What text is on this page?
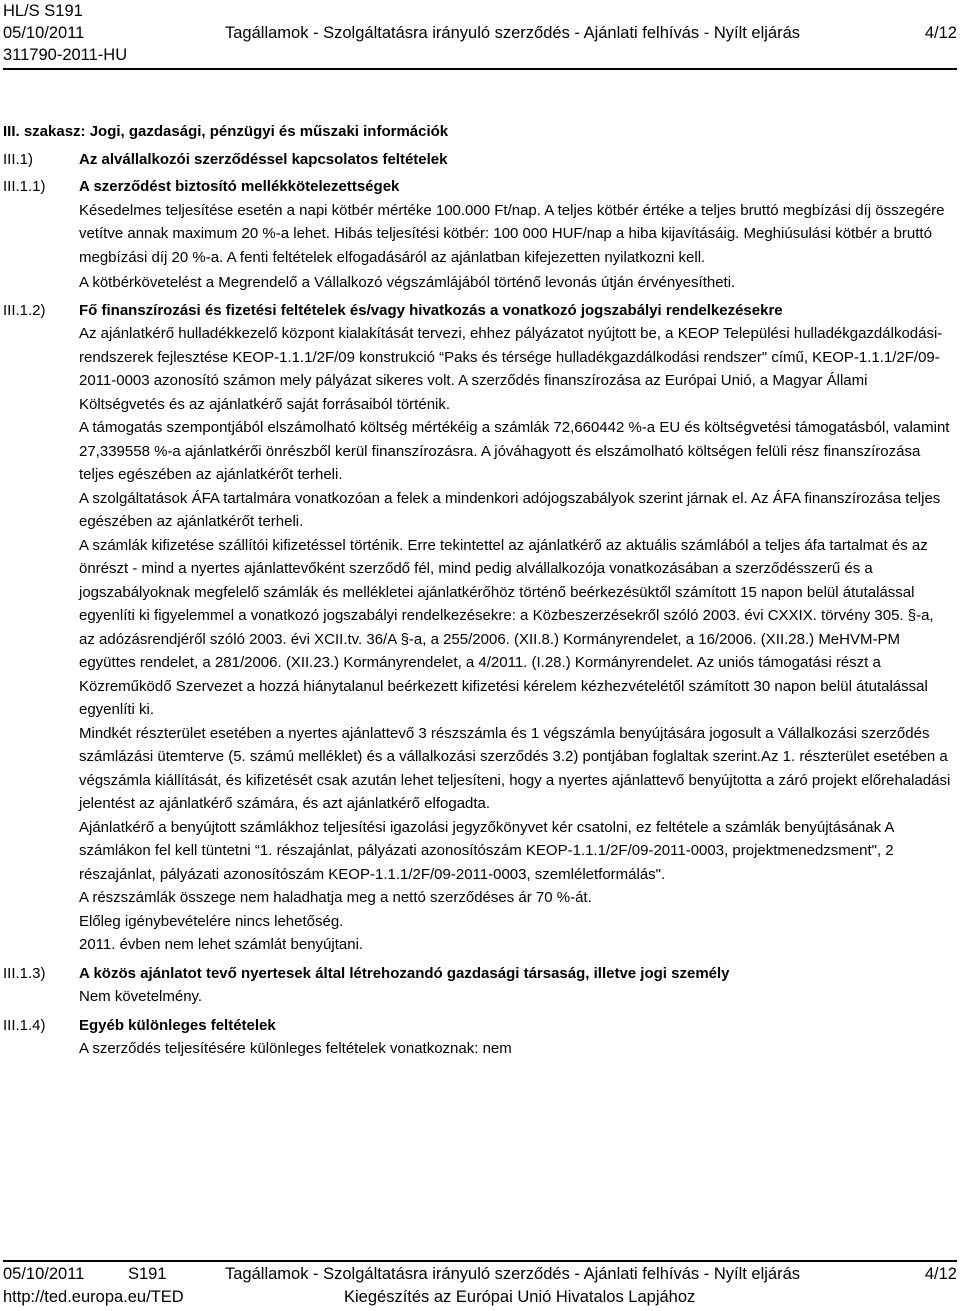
HL/S S191
05/10/2011	Tagállamok - Szolgáltatásra irányuló szerződés - Ajánlati felhívás - Nyílt eljárás	4/12
311790-2011-HU

III. szakasz: Jogi, gazdasági, pénzügyi és műszaki információk

III.1)	Az alvállalkozói szerződéssel kapcsolatos feltételek
III.1.1)	A szerződést biztosító mellékkötelezettségek

Késedelmes teljesítése esetén a napi kötbér mértéke 100.000 Ft/nap. A teljes kötbér értéke a teljes bruttó megbízási díj összegére vetítve annak maximum 20 %-a lehet. Hibás teljesítési kötbér: 100 000 HUF/nap a hiba kijavításáig. Meghiúsulási kötbér a bruttó megbízási díj 20 %-a. A fenti feltételek elfogadásáról az ajánlatban kifejezetten nyilatkozni kell.

A kötbérkövetelést a Megrendelő a Vállalkozó végszámlájából történő levonás útján érvényesítheti.

III.1.2)	Fő finanszírozási és fizetési feltételek és/vagy hivatkozás a vonatkozó jogszabályi rendelkezésekre

Az ajánlatkérő hulladékkezelő központ kialakítását tervezi, ehhez pályázatot nyújtott be, a KEOP Települési hulladékgazdálkodási-rendszerek fejlesztése KEOP-1.1.1/2F/09 konstrukció “Paks és térsége hulladékgazdálkodási rendszer" című, KEOP-1.1.1/2F/09-2011-0003 azonosító számon mely pályázat sikeres volt. A szerződés finanszírozása az Európai Unió, a Magyar Állami Költségvetés és az ajánlatkérő saját forrásaiból történik.

A támogatás szempontjából elszámolható költség mértékéig a számlák 72,660442 %-a EU és költségvetési támogatásból, valamint 27,339558 %-a ajánlatkérői önrészből kerül finanszírozásra. A jóváhagyott és elszámolható költségen felüli rész finanszírozása teljes egészében az ajánlatkérőt terheli.

A szolgáltatások ÁFA tartalmára vonatkozóan a felek a mindenkori adójogszabályok szerint járnak el. Az ÁFA finanszírozása teljes egészében az ajánlatkérőt terheli.

A számlák kifizetése szállítói kifizetéssel történik. Erre tekintettel az ajánlatkérő az aktuális számlából a teljes áfa tartalmat és az önrészt - mind a nyertes ajánlattevőként szerződő fél, mind pedig alvállalkozója vonatkozásában a szerződésszerű és a jogszabályoknak megfelelő számlák és mellékletei ajánlatkérőhöz történő beérkezésüktől számított 15 napon belül átutalással egyenlíti ki figyelemmel a vonatkozó jogszabályi rendelkezésekre: a Közbeszerzésekről szóló 2003. évi CXXIX. törvény 305. §-a, az adózásrendjéről szóló 2003. évi XCII.tv. 36/A §-a, a 255/2006. (XII.8.) Kormányrendelet, a 16/2006. (XII.28.) MeHVM-PM együttes rendelet, a 281/2006. (XII.23.) Kormányrendelet, a 4/2011. (I.28.) Kormányrendelet. Az uniós támogatási részt a Közreműködő Szervezet a hozzá hiánytalanul beérkezett kifizetési kérelem kézhezvételétől számított 30 napon belül átutalással egyenlíti ki.

Mindkét részterület esetében a nyertes ajánlattevő 3 részszámla és 1 végszámla benyújtására jogosult a Vállalkozási szerződés számlázási ütemterve (5. számú melléklet) és a vállalkozási szerződés 3.2) pontjában foglaltak szerint.Az 1. részterület esetében a végszámla kiállítását, és kifizetését csak azután lehet teljesíteni, hogy a nyertes ajánlattevő benyújtotta a záró projekt előrehaladási jelentést az ajánlatkérő számára, és azt ajánlatkérő elfogadta.

Ajánlatkérő a benyújtott számlákhoz teljesítési igazolási jegyzőkönyvet kér csatolni, ez feltétele a számlák benyújtásának A számlákon fel kell tüntetni “1. részajánlat, pályázati azonosítószám KEOP-1.1.1/2F/09-2011-0003, projektmenedzsment", 2 részajánlat, pályázati azonosítószám KEOP-1.1.1/2F/09-2011-0003, szemléletformálás".

A részszámlák összege nem haladhatja meg a nettó szerződéses ár 70 %-át.

Előleg igénybevételére nincs lehetőség.

2011. évben nem lehet számlát benyújtani.

III.1.3)	A közös ajánlatot tevő nyertesek által létrehozandó gazdasági társaság, illetve jogi személy

Nem követelmény.

III.1.4)	Egyéb különleges feltételek

A szerződés teljesítésére különleges feltételek vonatkoznak: nem

05/10/2011	S191	Tagállamok - Szolgáltatásra irányuló szerződés - Ajánlati felhívás - Nyílt eljárás	4/12
http://ted.europa.eu/TED	Kiegészítés az Európai Unió Hivatalos Lapjához
